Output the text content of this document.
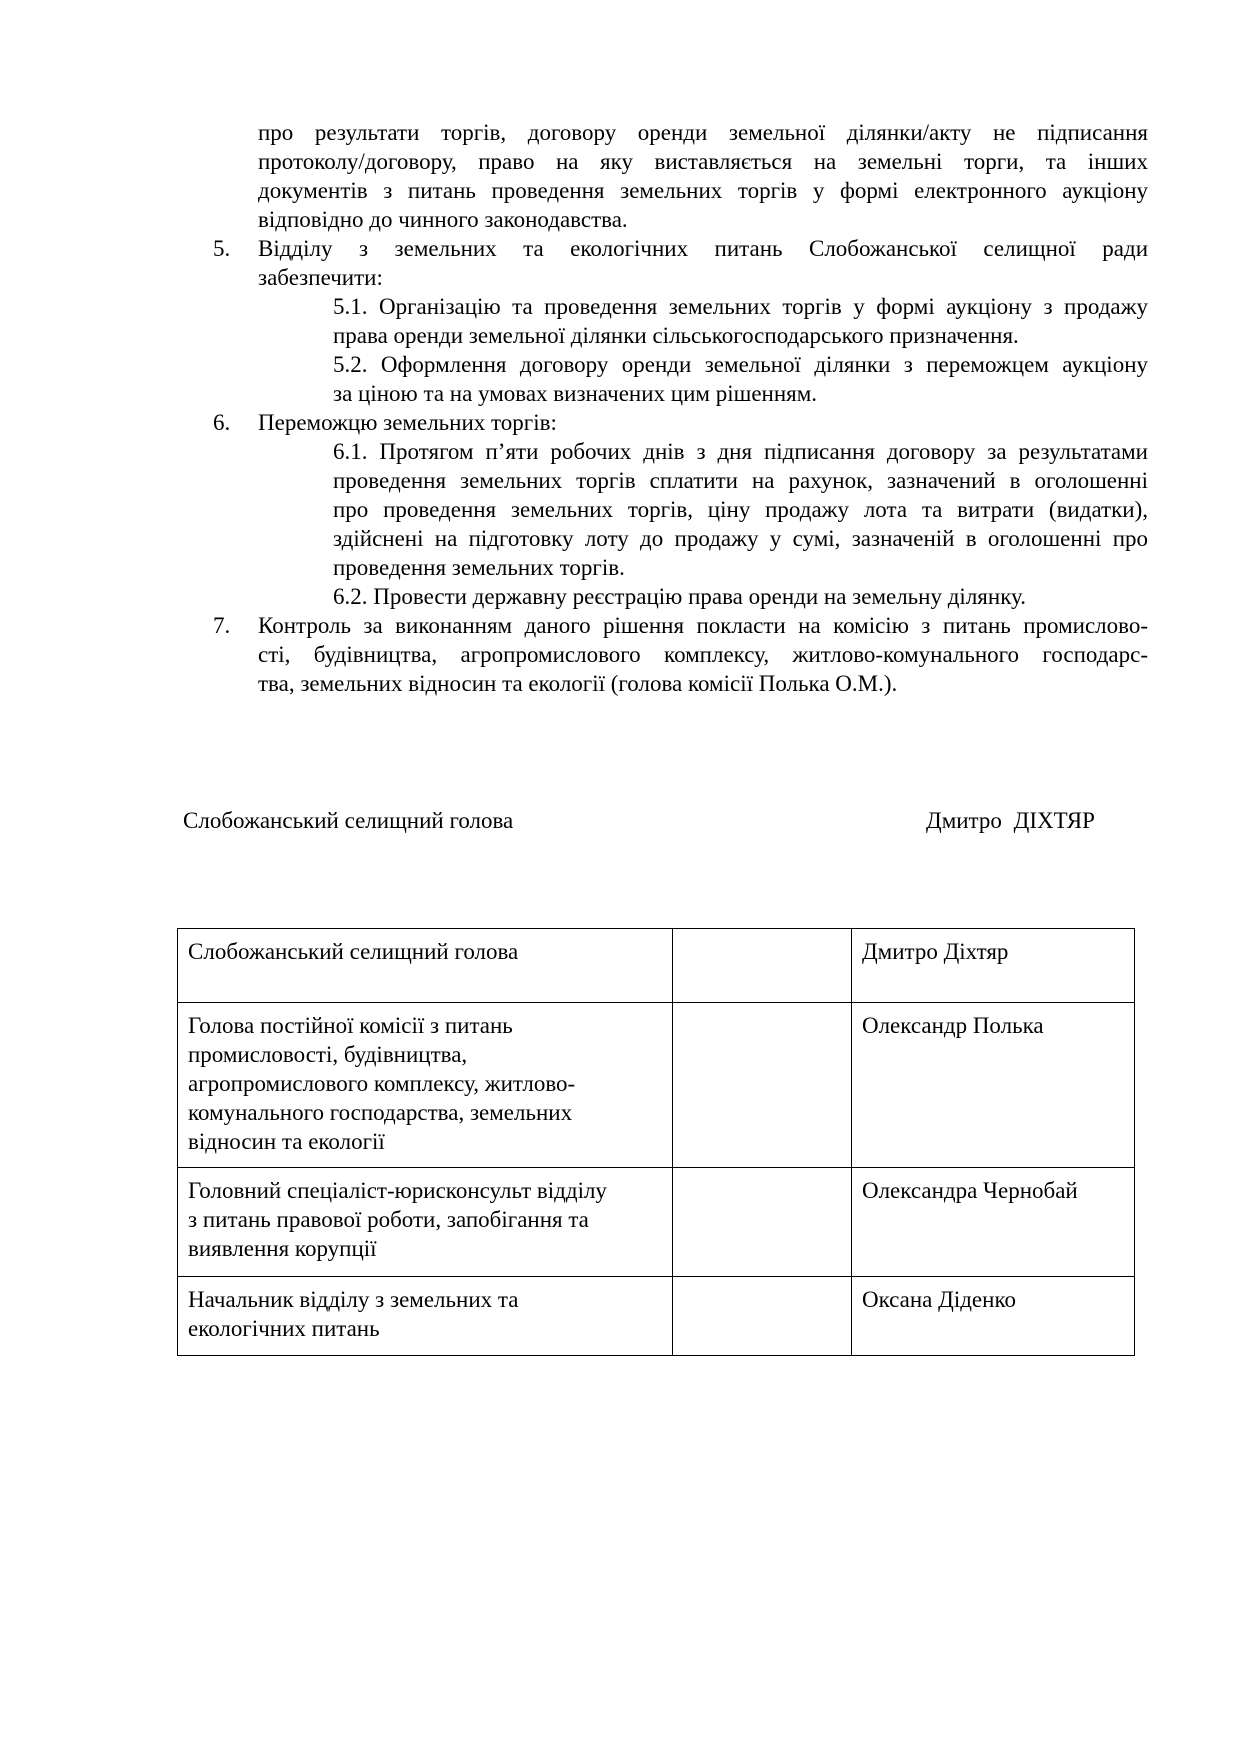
про результати торгів, договору оренди земельної ділянки/акту не підписання
протоколу/договору, право на яку виставляється на земельні торги, та інших
документів з питань проведення земельних торгів у формі електронного аукціону
відповідно до чинного законодавства.
5.	Відділу з земельних та екологічних питань Слобожанської селищної ради
забезпечити:
5.1. Організацію та проведення земельних торгів у формі аукціону з продажу
права оренди земельної ділянки сільськогосподарського призначення.
5.2. Оформлення договору оренди земельної ділянки з переможцем аукціону
за ціною та на умовах визначених цим рішенням.
6.	Переможцю земельних торгів:
6.1. Протягом п’яти робочих днів з дня підписання договору за результатами
проведення земельних торгів сплатити на рахунок, зазначений в оголошенні
про проведення земельних торгів, ціну продажу лота та витрати (видатки),
здійснені на підготовку лоту до продажу у сумі, зазначеній в оголошенні про
проведення земельних торгів.
6.2. Провести державну реєстрацію права оренди на земельну ділянку.
7.	Контроль за виконанням даного рішення покласти на комісію з питань промислово-
сті, будівництва, агропромислового комплексу, житлово-комунального господарс-
тва, земельних відносин та екології (голова комісії Полька О.М.).
Слобожанський селищний голова	Дмитро ДІХТЯР
Слобожанський селищний голова		Дмитро Діхтяр

Голова постійної комісії з питань
промисловості, будівництва,
агропромислового комплексу, житлово-
комунального господарства, земельних
відносин та екології		Олександр Полька

Головний спеціаліст-юрисконсульт відділу
з питань правової роботи, запобігання та
виявлення корупції		Олександра Чернобай

Начальник відділу з земельних та
екологічних питань		Оксана Діденко
